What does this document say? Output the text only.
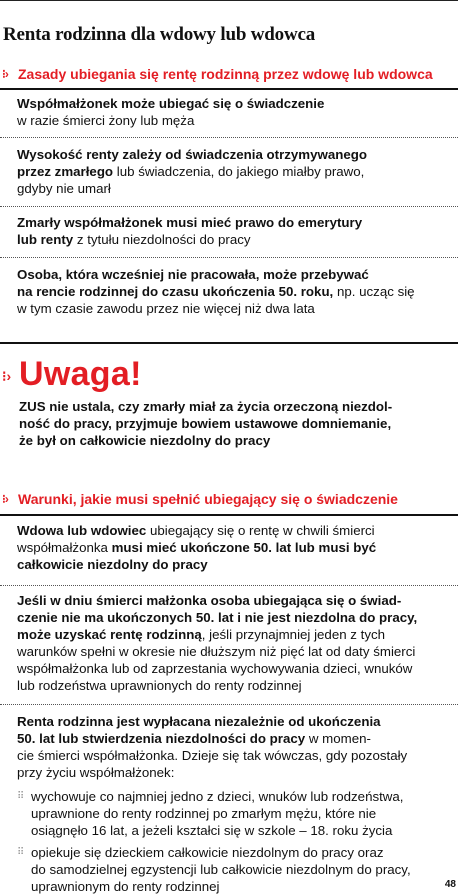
Renta rodzinna dla wdowy lub wdowca
⁝› Zasady ubiegania się rentę rodzinną przez wdowę lub wdowca
Współmałżonek może ubiegać się o świadczenie
w razie śmierci żony lub męża
Wysokość renty zależy od świadczenia otrzymywanego
przez zmarłego lub świadczenia, do jakiego miałby prawo,
gdyby nie umarł
Zmarły współmałżonek musi mieć prawo do emerytury
lub renty z tytułu niezdolności do pracy
Osoba, która wcześniej nie pracowała, może przebywać
na rencie rodzinnej do czasu ukończenia 50. roku, np. ucząc się
w tym czasie zawodu przez nie więcej niż dwa lata
⁝› Uwaga!
ZUS nie ustala, czy zmarły miał za życia orzeczoną niezdol-
ność do pracy, przyjmuje bowiem ustawowe domniemanie,
że był on całkowicie niezdolny do pracy
⁝› Warunki, jakie musi spełnić ubiegający się o świadczenie
Wdowa lub wdowiec ubiegający się o rentę w chwili śmierci
współmałżonka musi mieć ukończone 50. lat lub musi być
całkowicie niezdolny do pracy
Jeśli w dniu śmierci małżonka osoba ubiegająca się o świad-
czenie nie ma ukończonych 50. lat i nie jest niezdolna do pracy,
może uzyskać rentę rodzinną, jeśli przynajmniej jeden z tych
warunków spełni w okresie nie dłuższym niż pięć lat od daty śmierci
współmałżonka lub od zaprzestania wychowywania dzieci, wnuków
lub rodzeństwa uprawnionych do renty rodzinnej
Renta rodzinna jest wypłacana niezależnie od ukończenia
50. lat lub stwierdzenia niezdolności do pracy w momen-
cie śmierci współmałżonka. Dzieje się tak wówczas, gdy pozostały
przy życiu współmałżonek:
⠿ wychowuje co najmniej jedno z dzieci, wnuków lub rodzeństwa,
uprawnione do renty rodzinnej po zmarłym mężu, które nie
osiągnęło 16 lat, a jeżeli kształci się w szkole – 18. roku życia
⠿ opiekuje się dzieckiem całkowicie niezdolnym do pracy oraz
do samodzielnej egzystencji lub całkowicie niezdolnym do pracy,
uprawnionym do renty rodzinnej	48
